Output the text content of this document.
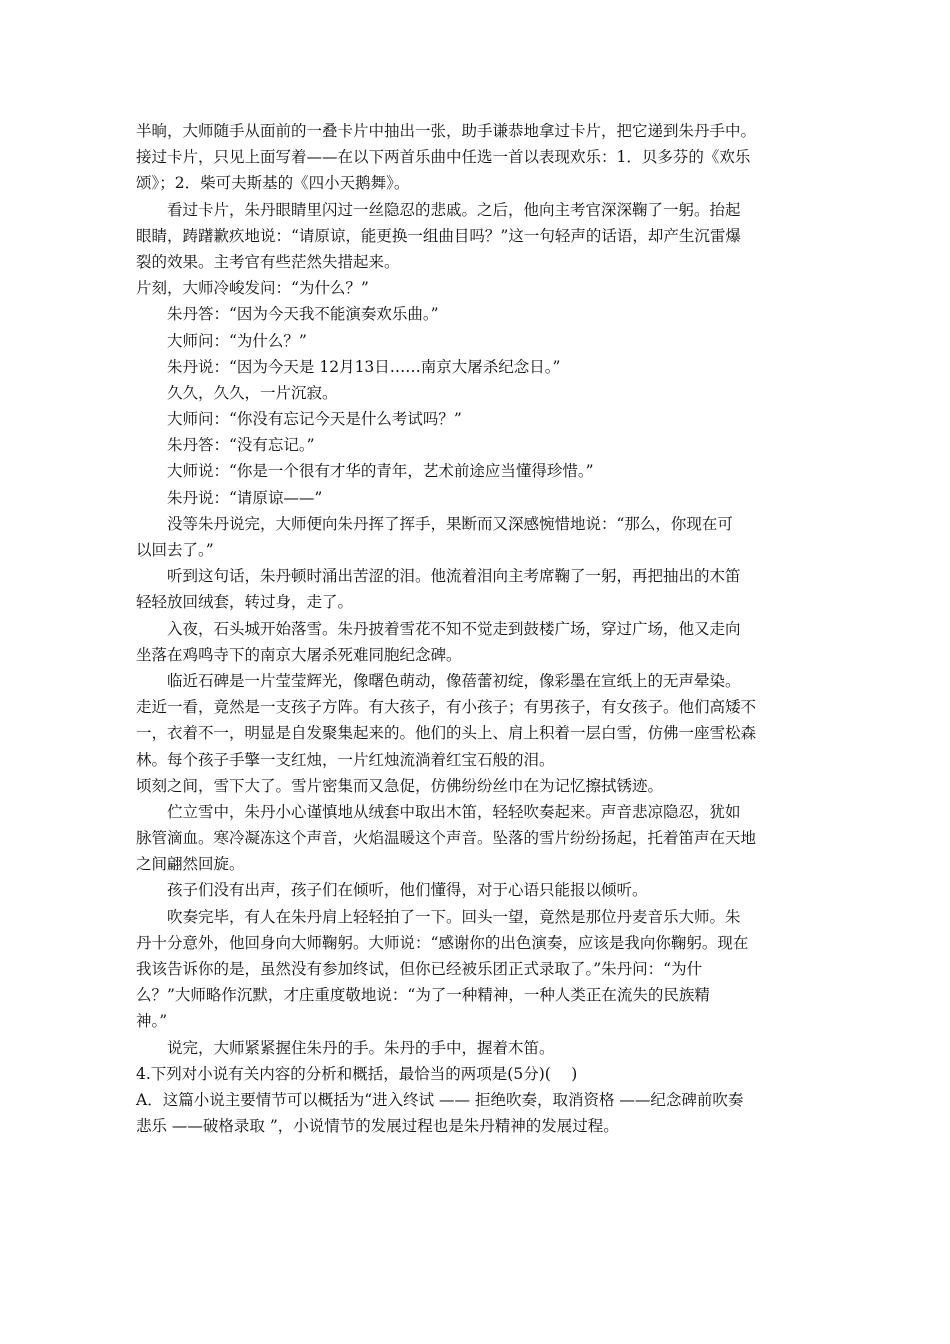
半晌，大师随手从面前的一叠卡片中抽出一张，助手谦恭地拿过卡片，把它递到朱丹手中。
接过卡片，只见上面写着——在以下两首乐曲中任选一首以表现欢乐：1．贝多芬的《欢乐
颂》；2．柴可夫斯基的《四小天鹅舞》。
看过卡片，朱丹眼睛里闪过一丝隐忍的悲戚。之后，他向主考官深深鞠了一躬。抬起
眼睛，踌躇歉疚地说：“请原谅，能更换一组曲目吗？”这一句轻声的话语，却产生沉雷爆
裂的效果。主考官有些茫然失措起来。
片刻，大师冷峻发问：“为什么？”
朱丹答：“因为今天我不能演奏欢乐曲。”
大师问：“为什么？”
朱丹说：“因为今天是 12月13日……南京大屠杀纪念日。”
久久，久久，一片沉寂。
大师问：“你没有忘记今天是什么考试吗？”
朱丹答：“没有忘记。”
大师说：“你是一个很有才华的青年，艺术前途应当懂得珍惜。”
朱丹说：“请原谅——”
没等朱丹说完，大师便向朱丹挥了挥手，果断而又深感惋惜地说：“那么，你现在可
以回去了。”
听到这句话，朱丹顿时涌出苦涩的泪。他流着泪向主考席鞠了一躬，再把抽出的木笛
轻轻放回绒套，转过身，走了。
入夜，石头城开始落雪。朱丹披着雪花不知不觉走到鼓楼广场，穿过广场，他又走向
坐落在鸡鸣寺下的南京大屠杀死难同胞纪念碑。
临近石碑是一片莹莹辉光，像曙色萌动，像蓓蕾初绽，像彩墨在宣纸上的无声晕染。
走近一看，竟然是一支孩子方阵。有大孩子，有小孩子；有男孩子，有女孩子。他们高矮不
一，衣着不一，明显是自发聚集起来的。他们的头上、肩上积着一层白雪，仿佛一座雪松森
林。每个孩子手擎一支红烛，一片红烛流淌着红宝石般的泪。
顷刻之间，雪下大了。雪片密集而又急促，仿佛纷纷丝巾在为记忆擦拭锈迹。
伫立雪中，朱丹小心谨慎地从绒套中取出木笛，轻轻吹奏起来。声音悲凉隐忍，犹如
脉管滴血。寒冷凝冻这个声音，火焰温暖这个声音。坠落的雪片纷纷扬起，托着笛声在天地
之间翩然回旋。
孩子们没有出声，孩子们在倾听，他们懂得，对于心语只能报以倾听。
吹奏完毕，有人在朱丹肩上轻轻拍了一下。回头一望，竟然是那位丹麦音乐大师。朱
丹十分意外，他回身向大师鞠躬。大师说：“感谢你的出色演奏，应该是我向你鞠躬。现在
我该告诉你的是，虽然没有参加终试，但你已经被乐团正式录取了。”朱丹问：“为什
么？”大师略作沉默，才庄重度敬地说：“为了一种精神，一种人类正在流失的民族精
神。”
说完，大师紧紧握住朱丹的手。朱丹的手中，握着木笛。
4.下列对小说有关内容的分析和概括，最恰当的两项是(5分)(　 )
A．这篇小说主要情节可以概括为“进入终试 —— 拒绝吹奏，取消资格 ——纪念碑前吹奏
悲乐 ——破格录取 ”，小说情节的发展过程也是朱丹精神的发展过程。
